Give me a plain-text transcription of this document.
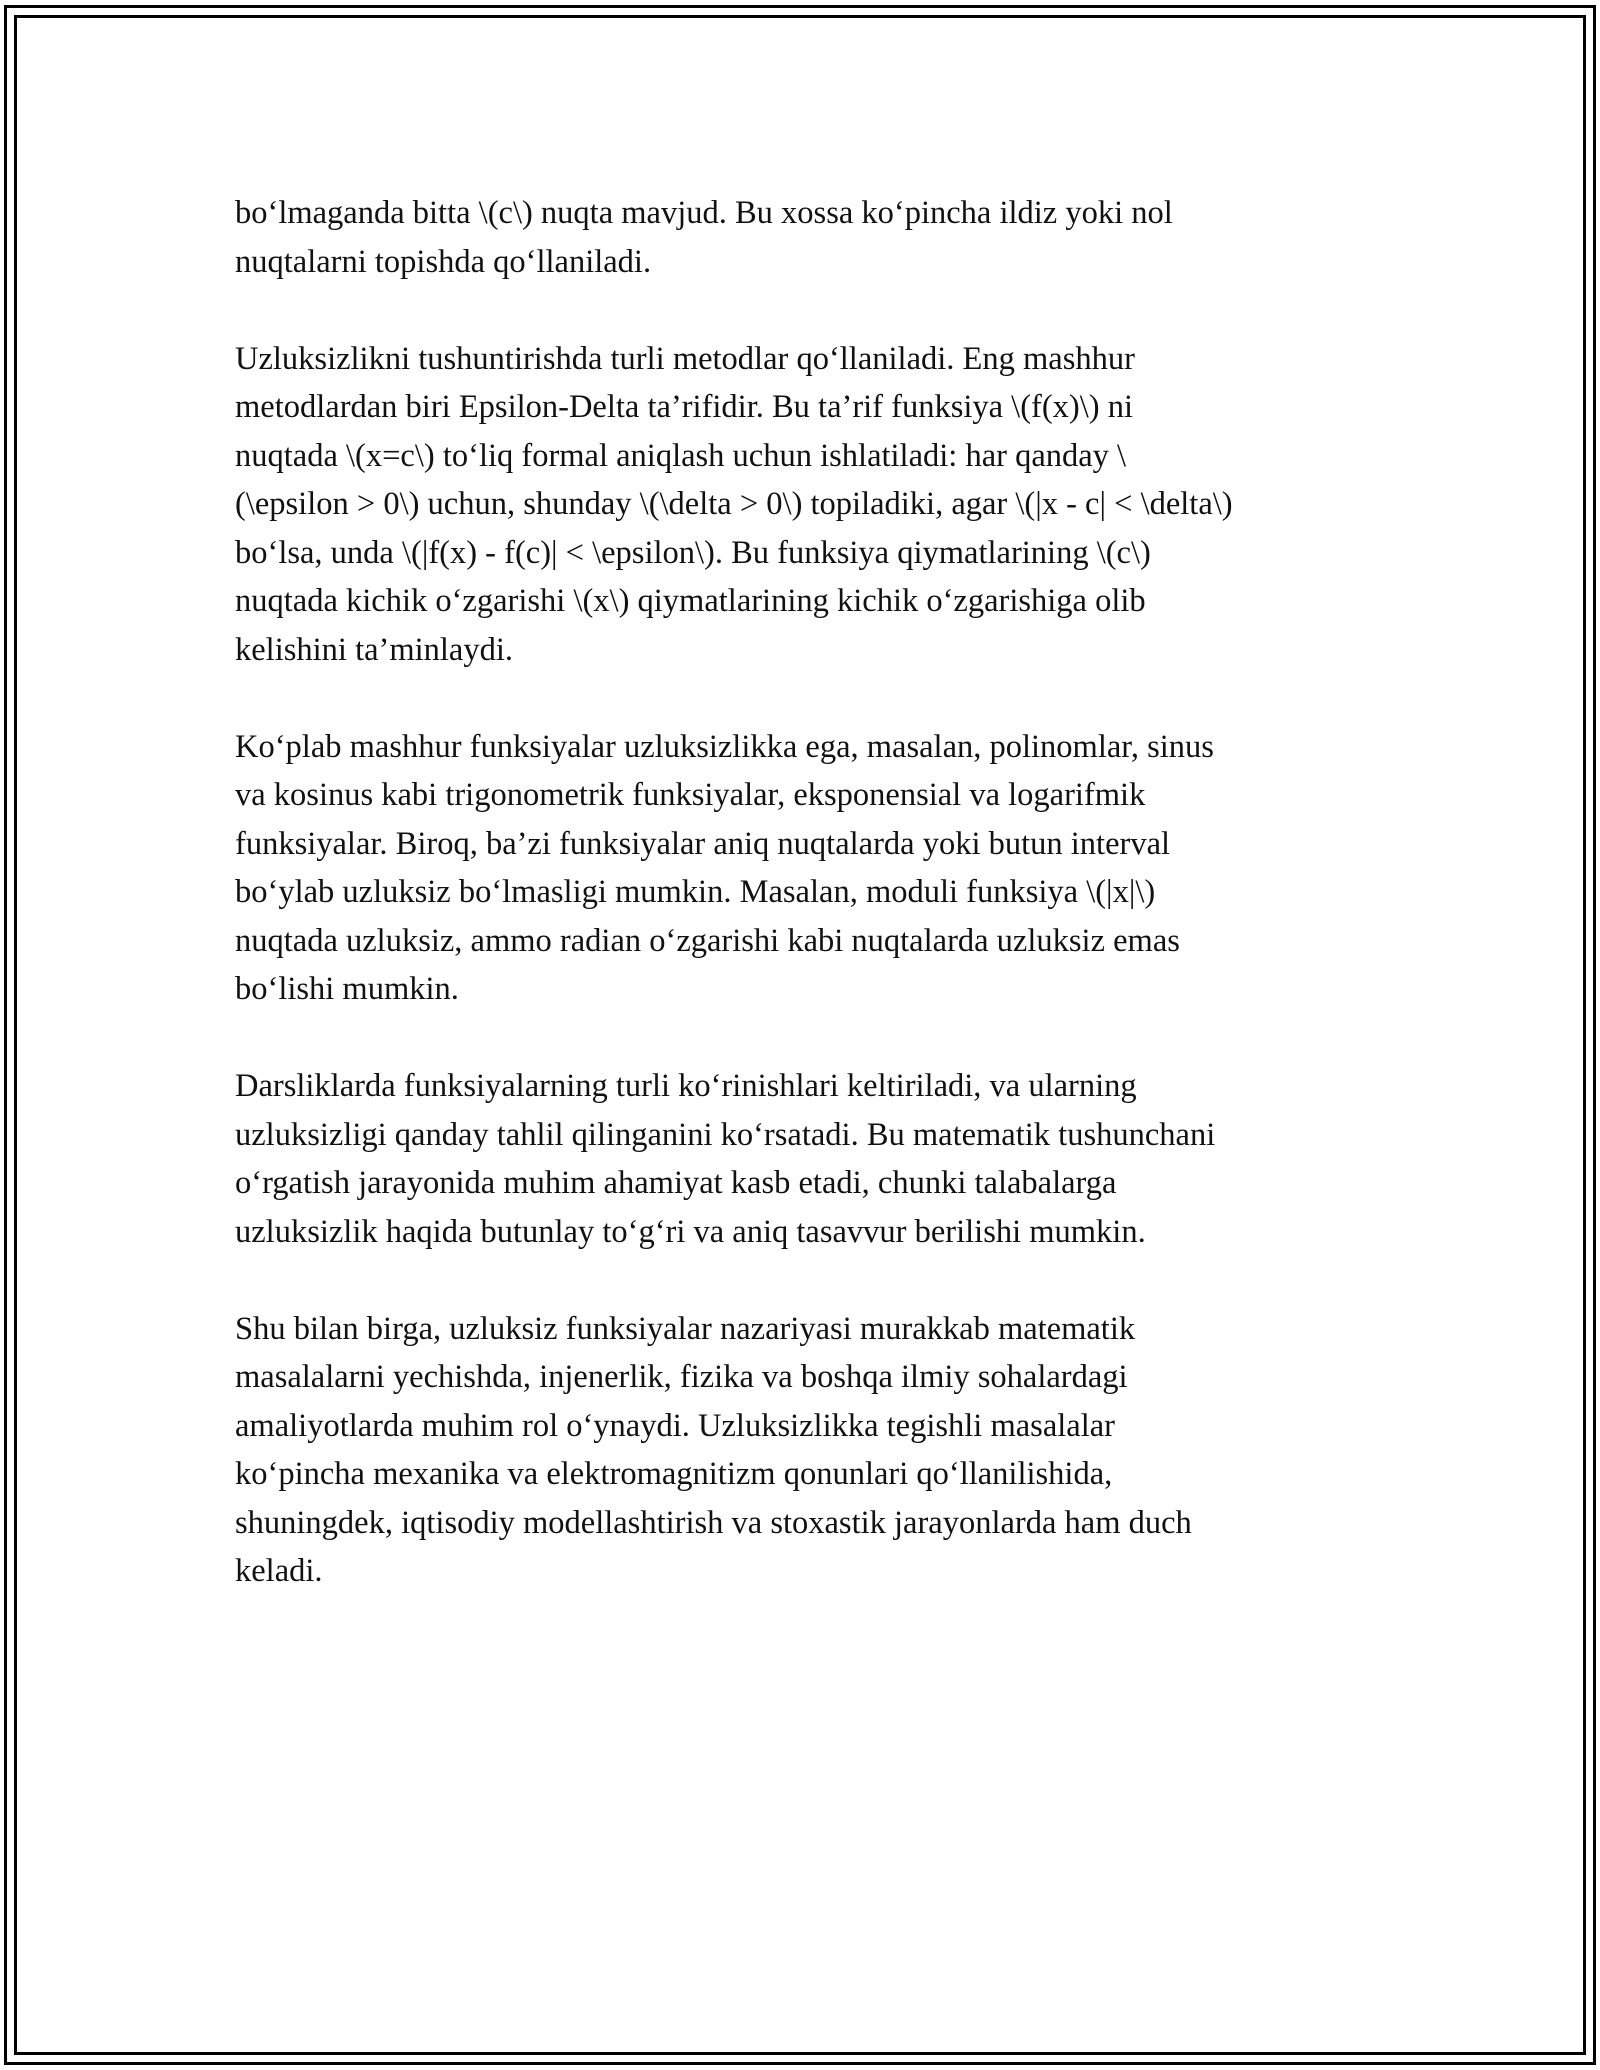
bo‘lmaganda bitta \(c\) nuqta mavjud. Bu xossa ko‘pincha ildiz yoki nol
nuqtalarni topishda qo‘llaniladi.

Uzluksizlikni tushuntirishda turli metodlar qo‘llaniladi. Eng mashhur
metodlardan biri Epsilon-Delta ta’rifidir. Bu ta’rif funksiya \(f(x)\) ni
nuqtada \(x=c\) to‘liq formal aniqlash uchun ishlatiladi: har qanday \
(\epsilon > 0\) uchun, shunday \(\delta > 0\) topiladiki, agar \(|x - c| < \delta\)
bo‘lsa, unda \(|f(x) - f(c)| < \epsilon\). Bu funksiya qiymatlarining \(c\)
nuqtada kichik o‘zgarishi \(x\) qiymatlarining kichik o‘zgarishiga olib
kelishini ta’minlaydi.

Ko‘plab mashhur funksiyalar uzluksizlikka ega, masalan, polinomlar, sinus
va kosinus kabi trigonometrik funksiyalar, eksponensial va logarifmik
funksiyalar. Biroq, ba’zi funksiyalar aniq nuqtalarda yoki butun interval
bo‘ylab uzluksiz bo‘lmasligi mumkin. Masalan, moduli funksiya \(|x|\)
nuqtada uzluksiz, ammo radian o‘zgarishi kabi nuqtalarda uzluksiz emas
bo‘lishi mumkin.

Darsliklarda funksiyalarning turli ko‘rinishlari keltiriladi, va ularning
uzluksizligi qanday tahlil qilinganini ko‘rsatadi. Bu matematik tushunchani
o‘rgatish jarayonida muhim ahamiyat kasb etadi, chunki talabalarga
uzluksizlik haqida butunlay to‘g‘ri va aniq tasavvur berilishi mumkin.

Shu bilan birga, uzluksiz funksiyalar nazariyasi murakkab matematik
masalalarni yechishda, injenerlik, fizika va boshqa ilmiy sohalardagi
amaliyotlarda muhim rol o‘ynaydi. Uzluksizlikka tegishli masalalar
ko‘pincha mexanika va elektromagnitizm qonunlari qo‘llanilishida,
shuningdek, iqtisodiy modellashtirish va stoxastik jarayonlarda ham duch
keladi.
